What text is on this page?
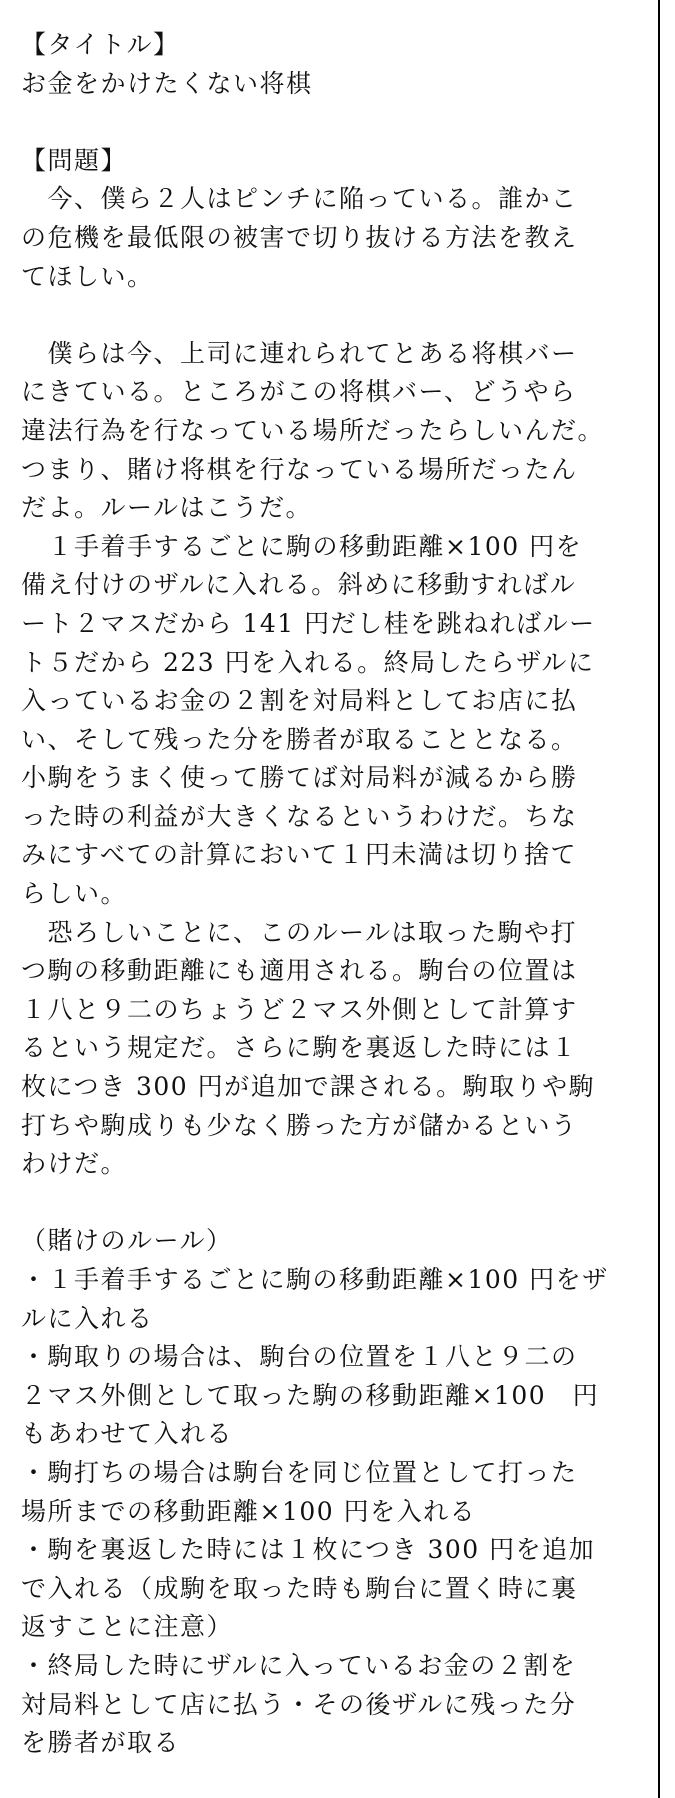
【タイトル】
お金をかけたくない将棋
【問題】
　今、僕ら２人はピンチに陥っている。誰かこ
の危機を最低限の被害で切り抜ける方法を教え
てほしい。
　僕らは今、上司に連れられてとある将棋バー
にきている。ところがこの将棋バー、どうやら
違法行為を行なっている場所だったらしいんだ。
つまり、賭け将棋を行なっている場所だったん
だよ。ルールはこうだ。
　１手着手するごとに駒の移動距離×100 円を
備え付けのザルに入れる。斜めに移動すればル
ート２マスだから 141 円だし桂を跳ねればルー
ト５だから 223 円を入れる。終局したらザルに
入っているお金の２割を対局料としてお店に払
い、そして残った分を勝者が取ることとなる。
小駒をうまく使って勝てば対局料が減るから勝
った時の利益が大きくなるというわけだ。ちな
みにすべての計算において１円未満は切り捨て
らしい。
　恐ろしいことに、このルールは取った駒や打
つ駒の移動距離にも適用される。駒台の位置は
１八と９二のちょうど２マス外側として計算す
るという規定だ。さらに駒を裏返した時には１
枚につき 300 円が追加で課される。駒取りや駒
打ちや駒成りも少なく勝った方が儲かるという
わけだ。
（賭けのルール）
・１手着手するごとに駒の移動距離×100 円をザ
ルに入れる
・駒取りの場合は、駒台の位置を１八と９二の
２マス外側として取った駒の移動距離×100　円
もあわせて入れる
・駒打ちの場合は駒台を同じ位置として打った
場所までの移動距離×100 円を入れる
・駒を裏返した時には１枚につき 300 円を追加
で入れる（成駒を取った時も駒台に置く時に裏
返すことに注意）
・終局した時にザルに入っているお金の２割を
対局料として店に払う・その後ザルに残った分
を勝者が取る
